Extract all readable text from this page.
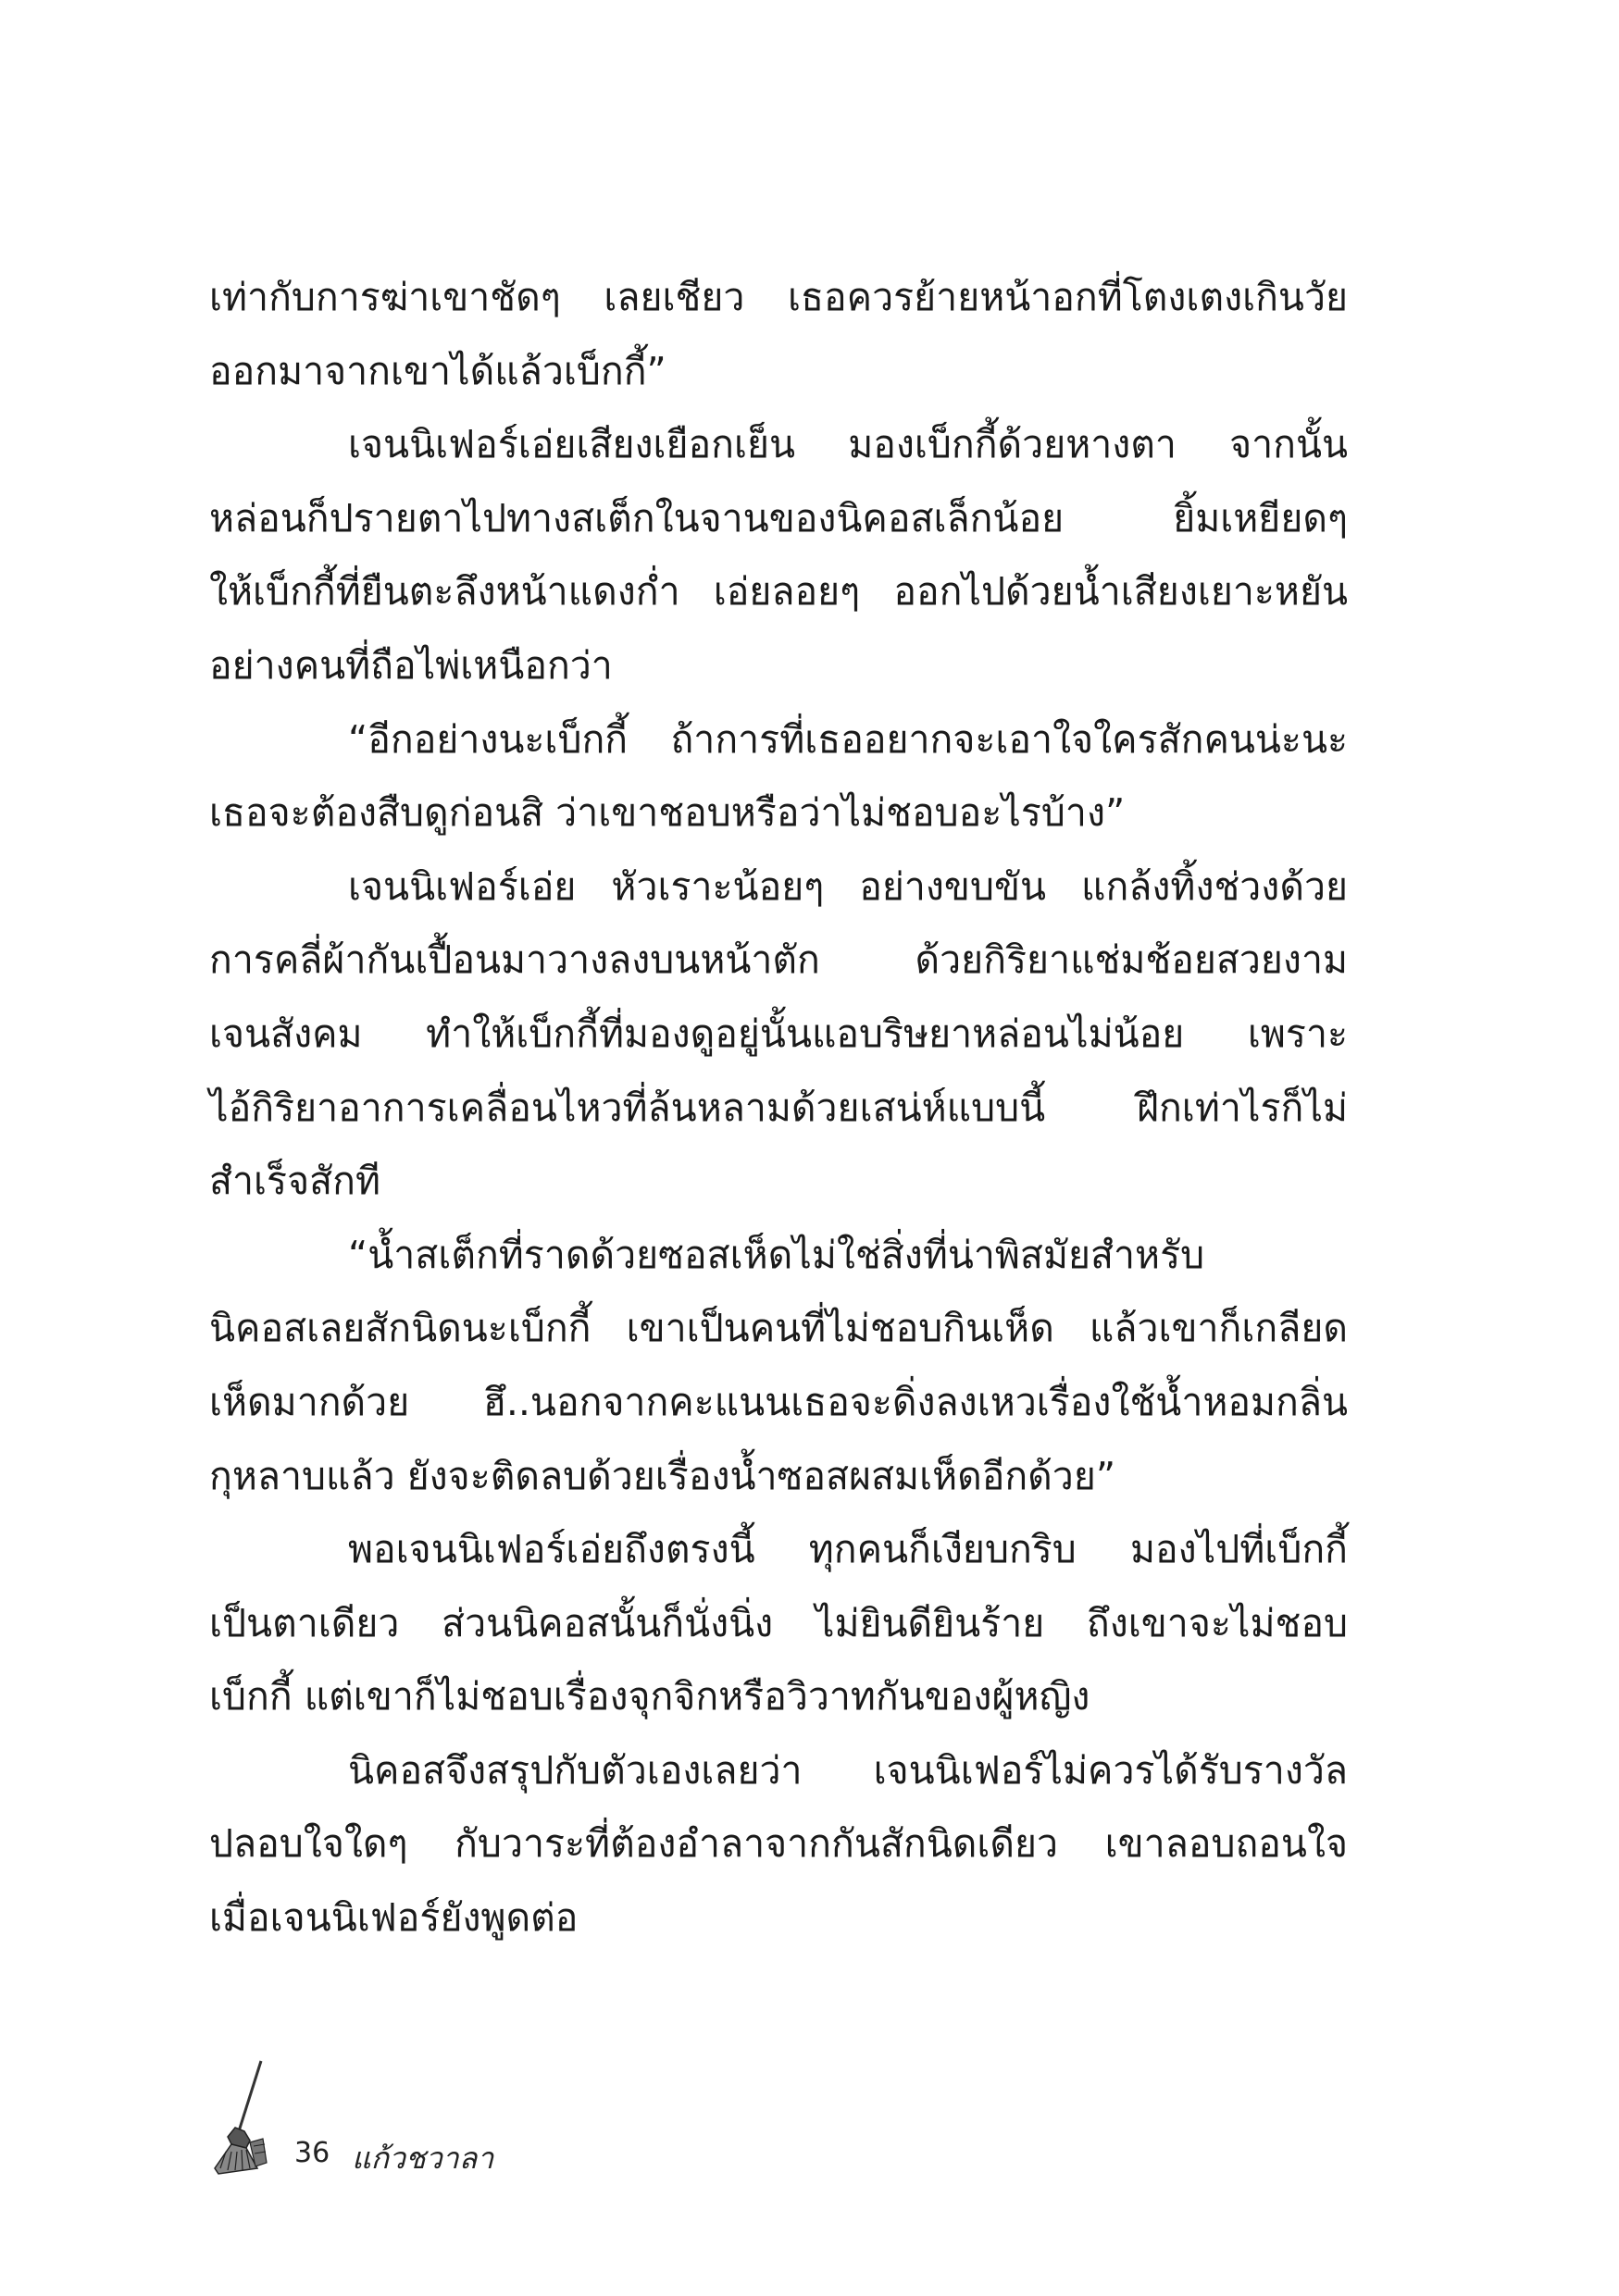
เท่ากับการฆ่าเขาชัดๆ เลยเชียว เธอควรย้ายหน้าอกที่โตงเตงเกินวัย
ออกมาจากเขาได้แล้วเบ็กกี้”
เจนนิเฟอร์เอ่ยเสียงเยือกเย็น มองเบ็กกี้ด้วยหางตา จากนั้น
หล่อนก็ปรายตาไปทางสเต็กในจานของนิคอสเล็กน้อย ยิ้มเหยียดๆ
ให้เบ็กกี้ที่ยืนตะลึงหน้าแดงก่ำ เอ่ยลอยๆ ออกไปด้วยน้ำเสียงเยาะหยัน
อย่างคนที่ถือไพ่เหนือกว่า
“อีกอย่างนะเบ็กกี้ ถ้าการที่เธออยากจะเอาใจใครสักคนน่ะนะ
เธอจะต้องสืบดูก่อนสิ ว่าเขาชอบหรือว่าไม่ชอบอะไรบ้าง”
เจนนิเฟอร์เอ่ย หัวเราะน้อยๆ อย่างขบขัน แกล้งทิ้งช่วงด้วย
การคลี่ผ้ากันเปื้อนมาวางลงบนหน้าตัก ด้วยกิริยาแช่มช้อยสวยงาม
เจนสังคม ทำให้เบ็กกี้ที่มองดูอยู่นั้นแอบริษยาหล่อนไม่น้อย เพราะ
ไอ้กิริยาอาการเคลื่อนไหวที่ล้นหลามด้วยเสน่ห์แบบนี้ ฝึกเท่าไรก็ไม่
สำเร็จสักที
“น้ำสเต็กที่ราดด้วยซอสเห็ดไม่ใช่สิ่งที่น่าพิสมัยสำหรับ
นิคอสเลยสักนิดนะเบ็กกี้ เขาเป็นคนที่ไม่ชอบกินเห็ด แล้วเขาก็เกลียด
เห็ดมากด้วย ฮึ..นอกจากคะแนนเธอจะดิ่งลงเหวเรื่องใช้น้ำหอมกลิ่น
กุหลาบแล้ว ยังจะติดลบด้วยเรื่องน้ำซอสผสมเห็ดอีกด้วย”
พอเจนนิเฟอร์เอ่ยถึงตรงนี้ ทุกคนก็เงียบกริบ มองไปที่เบ็กกี้
เป็นตาเดียว ส่วนนิคอสนั้นก็นั่งนิ่ง ไม่ยินดียินร้าย ถึงเขาจะไม่ชอบ
เบ็กกี้ แต่เขาก็ไม่ชอบเรื่องจุกจิกหรือวิวาทกันของผู้หญิง
นิคอสจึงสรุปกับตัวเองเลยว่า เจนนิเฟอร์ไม่ควรได้รับรางวัล
ปลอบใจใดๆ กับวาระที่ต้องอำลาจากกันสักนิดเดียว เขาลอบถอนใจ
เมื่อเจนนิเฟอร์ยังพูดต่อ
36 แก้วชวาลา
